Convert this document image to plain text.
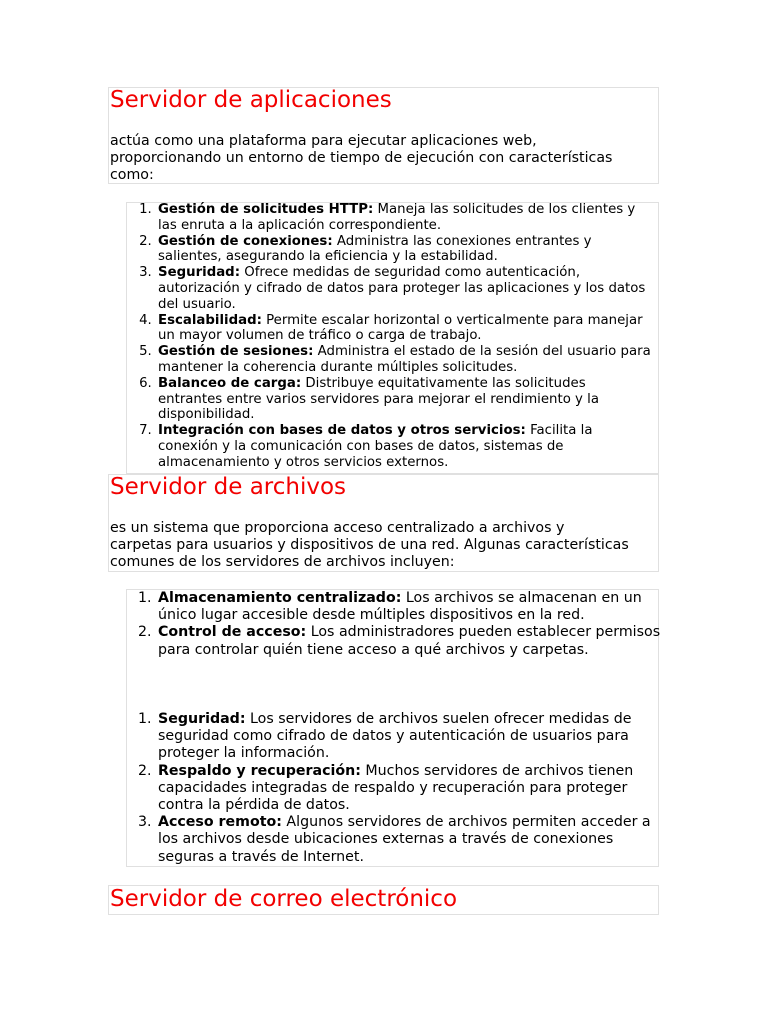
Servidor de aplicaciones
actúa como una plataforma para ejecutar aplicaciones web, proporcionando un entorno de tiempo de ejecución con características como:
1. Gestión de solicitudes HTTP: Maneja las solicitudes de los clientes y las enruta a la aplicación correspondiente.
2. Gestión de conexiones: Administra las conexiones entrantes y salientes, asegurando la eficiencia y la estabilidad.
3. Seguridad: Ofrece medidas de seguridad como autenticación, autorización y cifrado de datos para proteger las aplicaciones y los datos del usuario.
4. Escalabilidad: Permite escalar horizontal o verticalmente para manejar un mayor volumen de tráfico o carga de trabajo.
5. Gestión de sesiones: Administra el estado de la sesión del usuario para mantener la coherencia durante múltiples solicitudes.
6. Balanceo de carga: Distribuye equitativamente las solicitudes entrantes entre varios servidores para mejorar el rendimiento y la disponibilidad.
7. Integración con bases de datos y otros servicios: Facilita la conexión y la comunicación con bases de datos, sistemas de almacenamiento y otros servicios externos.
Servidor de archivos
es un sistema que proporciona acceso centralizado a archivos y carpetas para usuarios y dispositivos de una red. Algunas características comunes de los servidores de archivos incluyen:
1. Almacenamiento centralizado: Los archivos se almacenan en un único lugar accesible desde múltiples dispositivos en la red.
2. Control de acceso: Los administradores pueden establecer permisos para controlar quién tiene acceso a qué archivos y carpetas.
1. Seguridad: Los servidores de archivos suelen ofrecer medidas de seguridad como cifrado de datos y autenticación de usuarios para proteger la información.
2. Respaldo y recuperación: Muchos servidores de archivos tienen capacidades integradas de respaldo y recuperación para proteger contra la pérdida de datos.
3. Acceso remoto: Algunos servidores de archivos permiten acceder a los archivos desde ubicaciones externas a través de conexiones seguras a través de Internet.
Servidor de correo electrónico
